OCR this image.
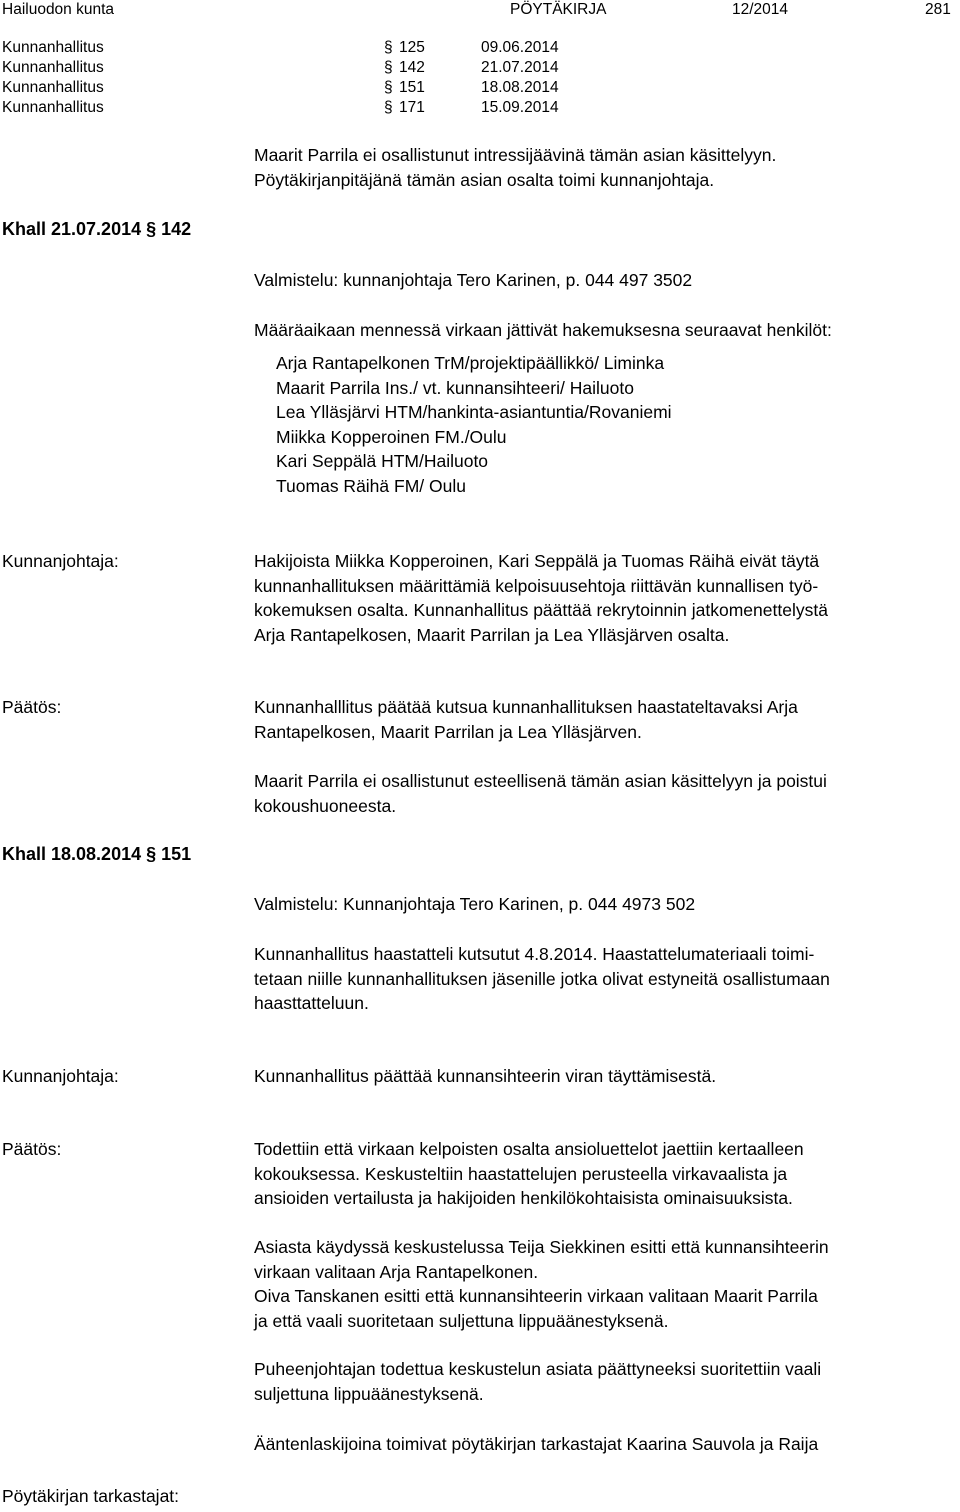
Hailuodon kunta	PÖYTÄKIRJA	12/2014	281
Kunnanhallitus	§ 125	09.06.2014
Kunnanhallitus	§ 142	21.07.2014
Kunnanhallitus	§ 151	18.08.2014
Kunnanhallitus	§ 171	15.09.2014
Maarit Parrila ei osallistunut intressijäävinä tämän asian käsittelyyn.
Pöytäkirjanpitäjänä tämän asian osalta toimi kunnanjohtaja.
Khall 21.07.2014 § 142
Valmistelu: kunnanjohtaja Tero Karinen, p. 044 497 3502
Määräaikaan mennessä virkaan jättivät hakemuksesna seuraavat henkilöt:
Arja Rantapelkonen TrM/projektipäällikkö/ Liminka
Maarit Parrila Ins./ vt. kunnansihteeri/ Hailuoto
Lea Ylläsjärvi HTM/hankinta-asiantuntia/Rovaniemi
Miikka Kopperoinen FM./Oulu
Kari Seppälä HTM/Hailuoto
Tuomas Räihä FM/ Oulu
Kunnanjohtaja:	Hakijoista Miikka Kopperoinen, Kari Seppälä ja Tuomas Räihä eivät täytä
kunnanhallituksen määrittämiä kelpoisuusehtoja riittävän kunnallisen työ-
kokemuksen osalta. Kunnanhallitus päättää rekrytoinnin jatkomenettelystä
Arja Rantapelkosen, Maarit Parrilan ja Lea Ylläsjärven osalta.
Päätös:	Kunnanhalllitus päätää kutsua kunnanhallituksen haastateltavaksi Arja
Rantapelkosen, Maarit Parrilan ja Lea Ylläsjärven.
Maarit Parrila ei osallistunut esteellisenä tämän asian käsittelyyn ja poistui
kokoushuoneesta.
Khall 18.08.2014 § 151
Valmistelu: Kunnanjohtaja Tero Karinen, p. 044 4973 502
Kunnanhallitus haastatteli kutsutut 4.8.2014. Haastattelumateriaali toimi-
tetaan niille kunnanhallituksen jäsenille jotka olivat estyneitä osallistumaan
haasttatteluun.
Kunnanjohtaja:	Kunnanhallitus päättää kunnansihteerin viran täyttämisestä.
Päätös:	Todettiin että virkaan kelpoisten osalta ansioluettelot jaettiin kertaalleen
kokouksessa. Keskusteltiin haastattelujen perusteella virkavaalista ja
ansioiden vertailusta ja hakijoiden henkilökohtaisista ominaisuuksista.
Asiasta käydyssä keskustelussa Teija Siekkinen esitti että kunnansihteerin
virkaan valitaan Arja Rantapelkonen.
Oiva Tanskanen esitti että kunnansihteerin virkaan valitaan Maarit Parrila
ja että vaali suoritetaan suljettuna lippuäänestyksenä.
Puheenjohtajan todettua keskustelun asiata päättyneeksi suoritettiin vaali
suljettuna lippuäänestyksenä.
Ääntenlaskijoina toimivat pöytäkirjan tarkastajat Kaarina Sauvola ja Raija
Pöytäkirjan tarkastajat:
